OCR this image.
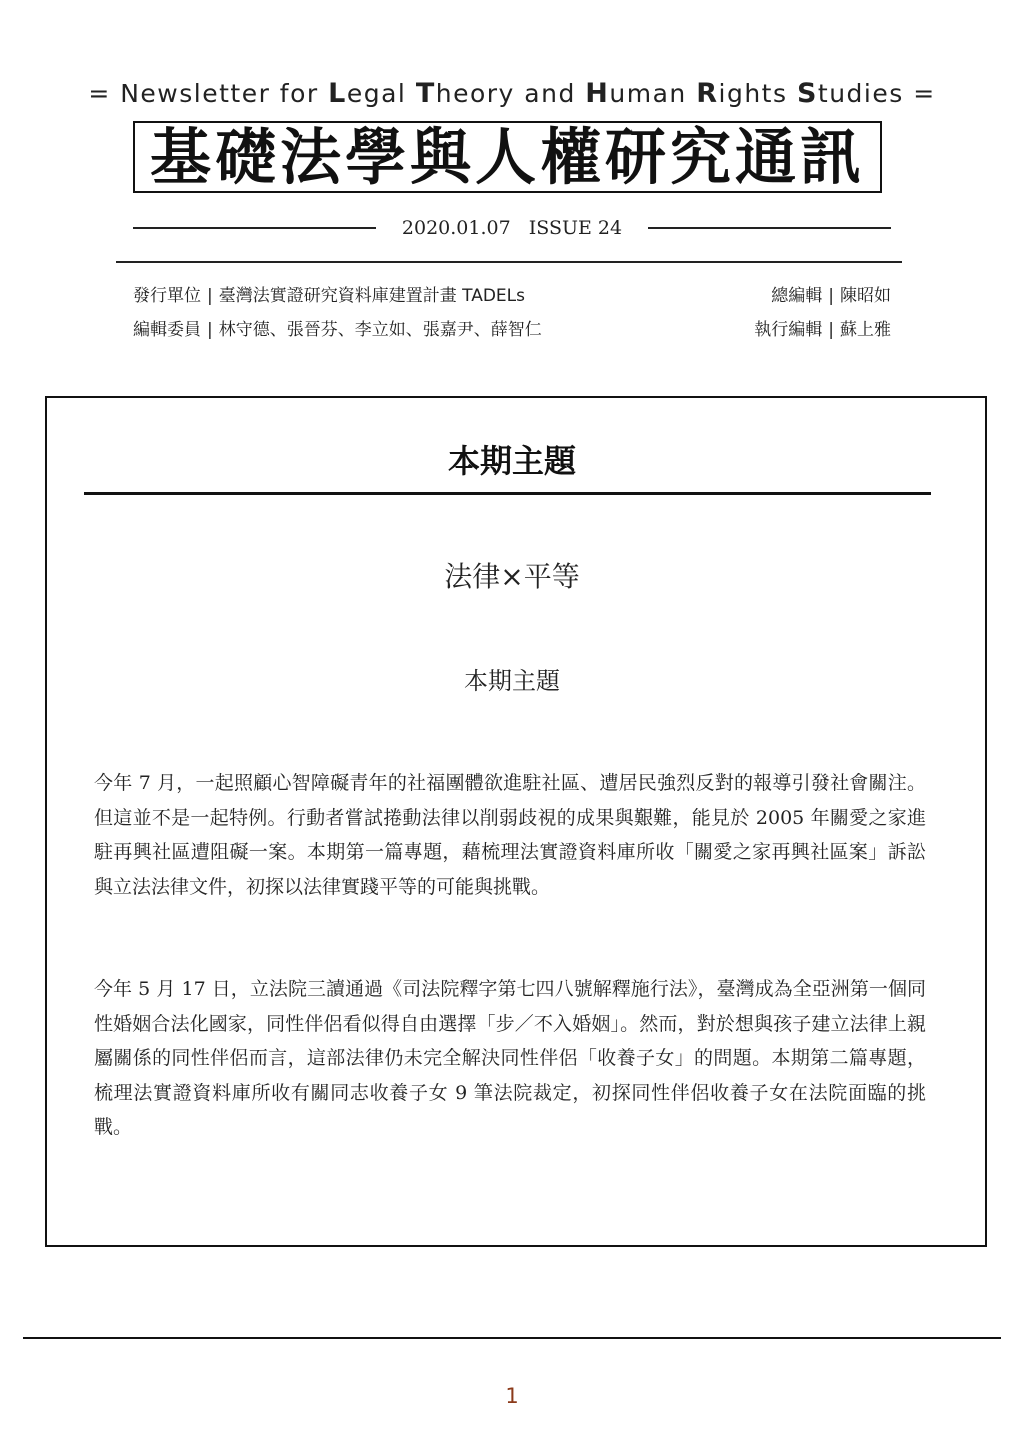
= Newsletter for Legal Theory and Human Rights Studies =
基礎法學與人權研究通訊
2020.01.07   ISSUE 24
發行單位 | 臺灣法實證研究資料庫建置計畫 TADELs	總編輯 | 陳昭如
編輯委員 | 林守德、張晉芬、李立如、張嘉尹、薛智仁	執行編輯 | 蘇上雅
本期主題
法律×平等
本期主題

今年 7 月，一起照顧心智障礙青年的社福團體欲進駐社區、遭居民強烈反對的報導引發社會關注。但這並不是一起特例。行動者嘗試捲動法律以削弱歧視的成果與艱難，能見於 2005 年關愛之家進駐再興社區遭阻礙一案。本期第一篇專題，藉梳理法實證資料庫所收「關愛之家再興社區案」訴訟與立法法律文件，初探以法律實踐平等的可能與挑戰。

今年 5 月 17 日，立法院三讀通過《司法院釋字第七四八號解釋施行法》，臺灣成為全亞洲第一個同性婚姻合法化國家，同性伴侶看似得自由選擇「步／不入婚姻」。然而，對於想與孩子建立法律上親屬關係的同性伴侶而言，這部法律仍未完全解決同性伴侶「收養子女」的問題。本期第二篇專題，梳理法實證資料庫所收有關同志收養子女 9 筆法院裁定，初探同性伴侶收養子女在法院面臨的挑戰。

1
